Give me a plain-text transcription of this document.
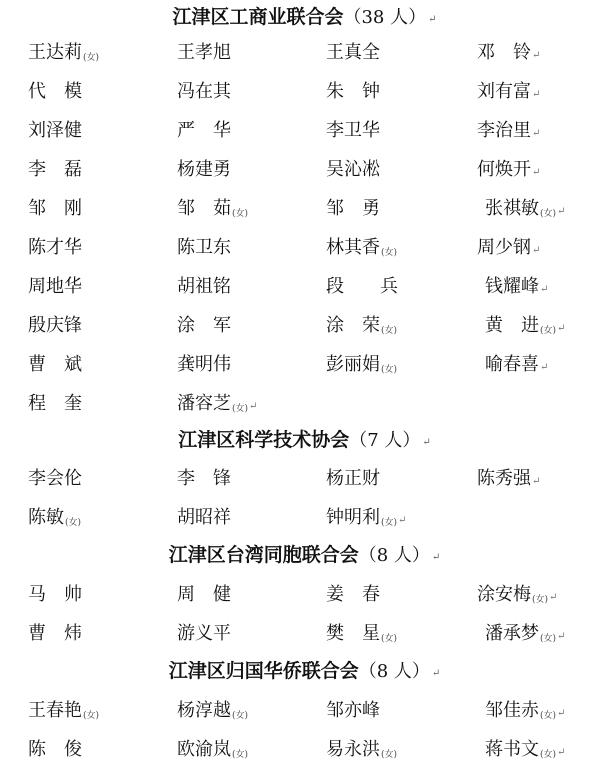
江津区工商业联合会（38 人） ↵
王达莉$_{(女)}$	王孝旭	王真全	邓　铃↵
代　模	冯在其	朱　钟	刘有富↵
刘泽健	严　华	李卫华	李治里↵
李　磊	杨建勇	吴沁凇	何焕开↵
邹　刚	邹　茹$_{(女)}$	邹　勇	张祺敏$_{(女)}$↵
陈才华	陈卫东	林其香$_{(女)}$	周少钢↵
周地华	胡祖铭	段　　兵	钱耀峰↵
殷庆锋	涂　军	涂　荣$_{(女)}$	黄　进$_{(女)}$↵
曹　斌	龚明伟	彭丽娟$_{(女)}$	喻春喜↵
程　奎	潘容芝$_{(女)}$↵
江津区科学技术协会（7 人） ↵
李会伦	李　锋	杨正财	陈秀强↵
陈敏$_{(女)}$	胡昭祥	钟明利$_{(女)}$↵
江津区台湾同胞联合会（8 人） ↵
马　帅	周　健	姜　春	涂安梅$_{(女)}$↵
曹　炜	游义平	樊　星$_{(女)}$	潘承梦$_{(女)}$↵
江津区归国华侨联合会（8 人） ↵
王春艳$_{(女)}$	杨淳越$_{(女)}$	邹亦峰	邹佳赤$_{(女)}$↵
陈　俊	欧渝岚$_{(女)}$	易永洪$_{(女)}$	蒋书文$_{(女)}$↵
